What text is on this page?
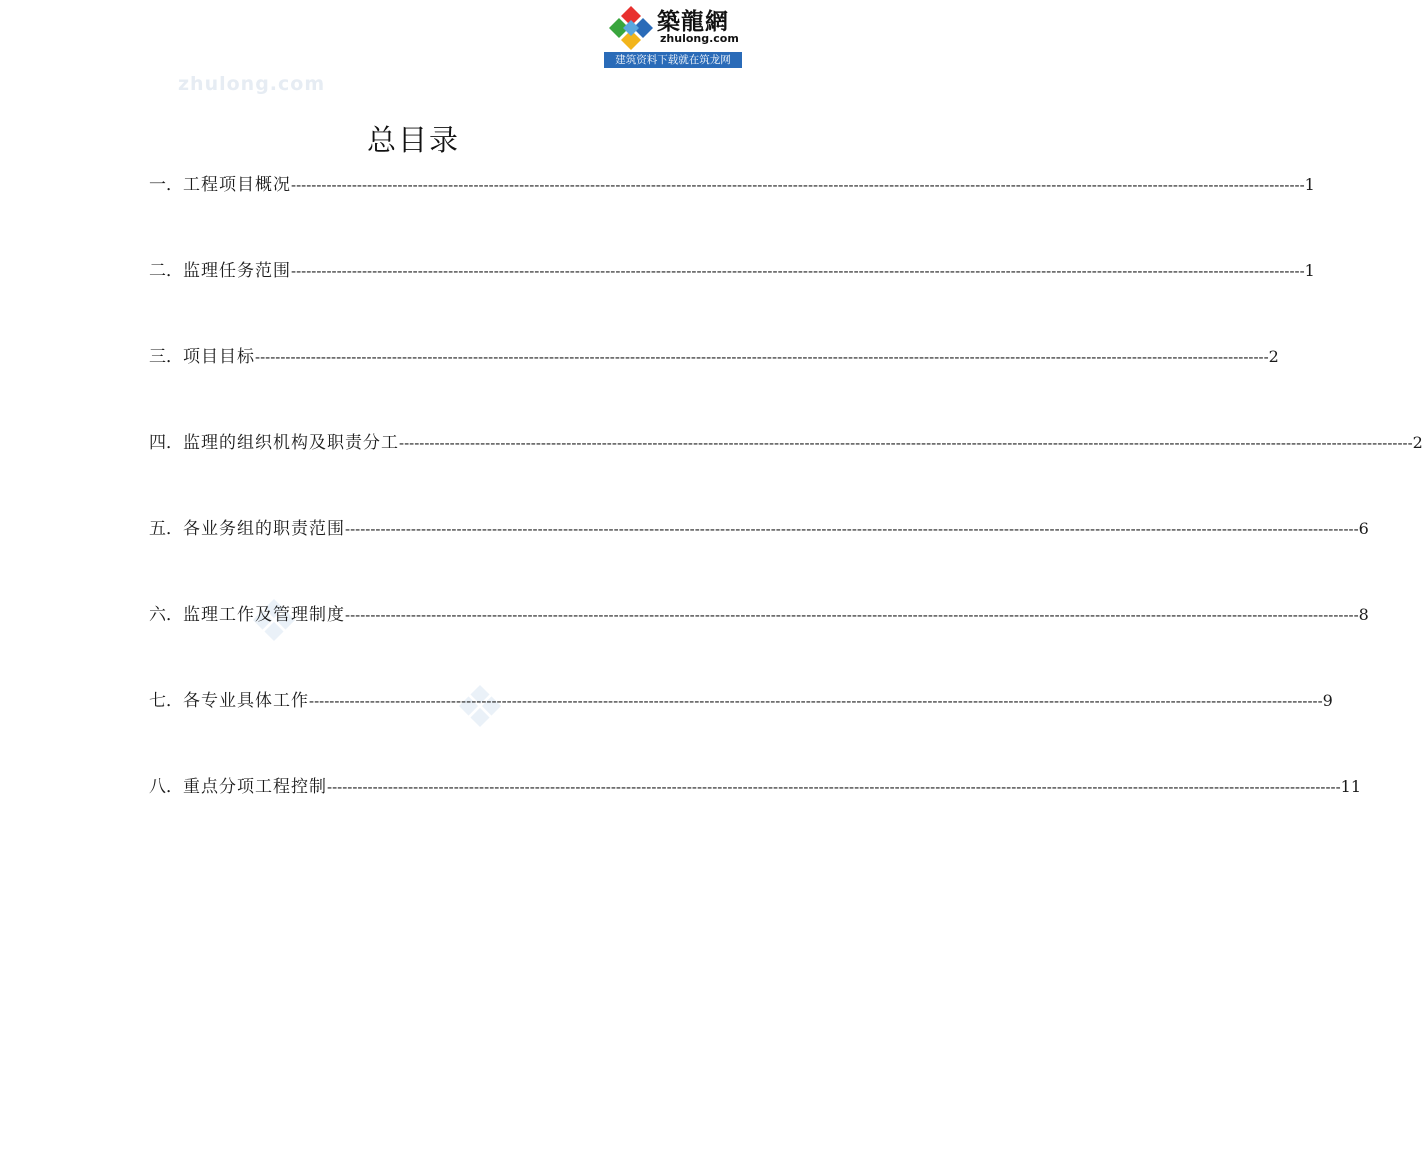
築龍網
zhulong.com
建筑资料下载就在筑龙网
zhulong.com
总目录
一． 工程项目概况 -------------------------------------------------------------------------------------------------------------------------------------------------------------------------------------------------------- 1
二． 监理任务范围 -------------------------------------------------------------------------------------------------------------------------------------------------------------------------------------------------------- 1
三． 项目目标 -------------------------------------------------------------------------------------------------------------------------------------------------------------------------------------------------------- 2
四． 监理的组织机构及职责分工 -------------------------------------------------------------------------------------------------------------------------------------------------------------------------------------------------------- 2
五． 各业务组的职责范围 -------------------------------------------------------------------------------------------------------------------------------------------------------------------------------------------------------- 6
六． 监理工作及管理制度 -------------------------------------------------------------------------------------------------------------------------------------------------------------------------------------------------------- 8
七． 各专业具体工作 -------------------------------------------------------------------------------------------------------------------------------------------------------------------------------------------------------- 9
八． 重点分项工程控制 -------------------------------------------------------------------------------------------------------------------------------------------------------------------------------------------------------- 11
